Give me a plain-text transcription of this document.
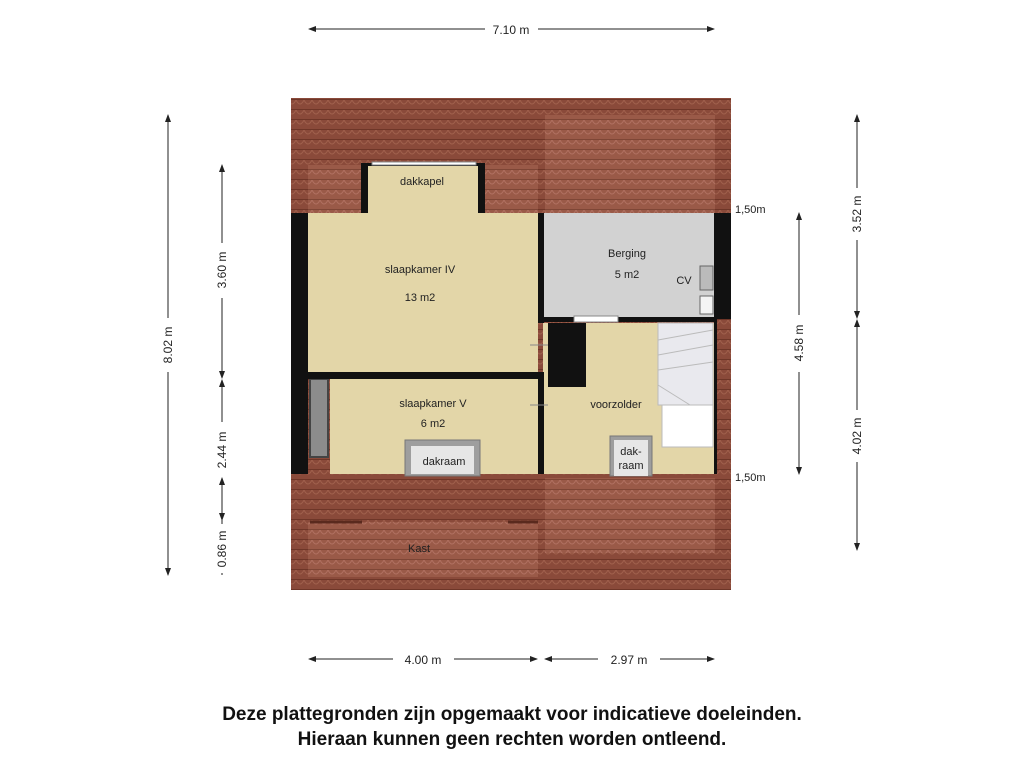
dakkapel
slaapkamer IV
13 m2
Berging
5 m2	CV
slaapkamer V
6 m2
voorzolder
dakraam
dak-
raam
Kast
7.10 m
8.02 m
3.60 m
2.44 m
0.86 m
4.58 m
3.52 m
4.02 m
4.00 m	2.97 m
1,50m
1,50m
Deze plattegronden zijn opgemaakt voor indicatieve doeleinden.
Hieraan kunnen geen rechten worden ontleend.
